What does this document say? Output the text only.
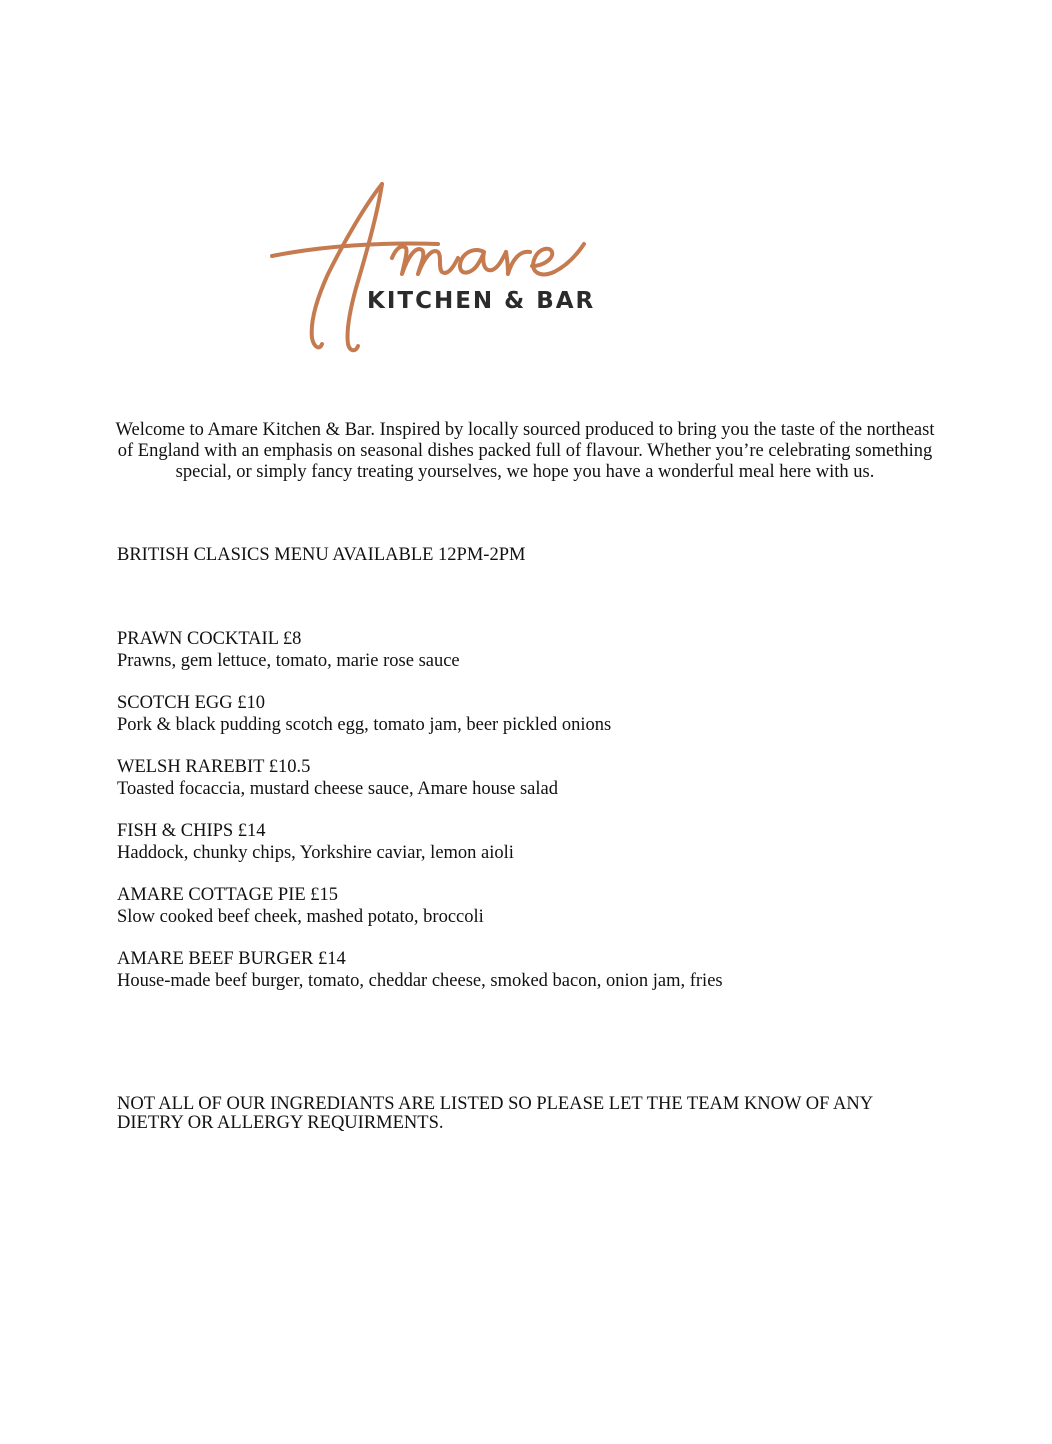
KITCHEN & BAR

Welcome to Amare Kitchen & Bar. Inspired by locally sourced produced to bring you the taste of the northeast of England with an emphasis on seasonal dishes packed full of flavour. Whether you’re celebrating something special, or simply fancy treating yourselves, we hope you have a wonderful meal here with us.

BRITISH CLASICS MENU AVAILABLE 12PM-2PM

PRAWN COCKTAIL £8
Prawns, gem lettuce, tomato, marie rose sauce
SCOTCH EGG £10
Pork & black pudding scotch egg, tomato jam, beer pickled onions
WELSH RAREBIT £10.5
Toasted focaccia, mustard cheese sauce, Amare house salad
FISH & CHIPS £14
Haddock, chunky chips, Yorkshire caviar, lemon aioli
AMARE COTTAGE PIE £15
Slow cooked beef cheek, mashed potato, broccoli
AMARE BEEF BURGER £14
House-made beef burger, tomato, cheddar cheese, smoked bacon, onion jam, fries

NOT ALL OF OUR INGREDIANTS ARE LISTED SO PLEASE LET THE TEAM KNOW OF ANY DIETRY OR ALLERGY REQUIRMENTS.
